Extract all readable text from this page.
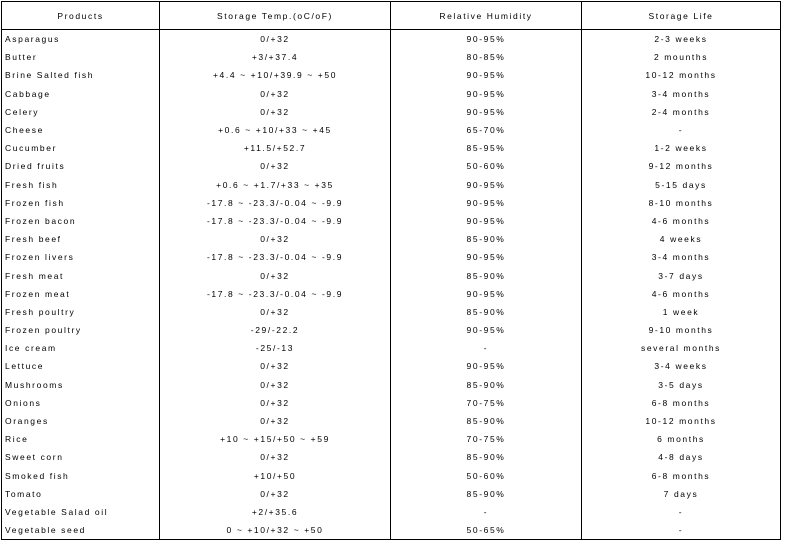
Products	Storage Temp.(oC/oF)	Relative Humidity	Storage Life
Asparagus	0/+32	90-95%	2-3 weeks
Butter	+3/+37.4	80-85%	2 mounths
Brine Salted fish	+4.4 ~ +10/+39.9 ~ +50	90-95%	10-12 months
Cabbage	0/+32	90-95%	3-4 months
Celery	0/+32	90-95%	2-4 months
Cheese	+0.6 ~ +10/+33 ~ +45	65-70%	-
Cucumber	+11.5/+52.7	85-95%	1-2 weeks
Dried fruits	0/+32	50-60%	9-12 months
Fresh fish	+0.6 ~ +1.7/+33 ~ +35	90-95%	5-15 days
Frozen fish	-17.8 ~ -23.3/-0.04 ~ -9.9	90-95%	8-10 months
Frozen bacon	-17.8 ~ -23.3/-0.04 ~ -9.9	90-95%	4-6 months
Fresh beef	0/+32	85-90%	4 weeks
Frozen livers	-17.8 ~ -23.3/-0.04 ~ -9.9	90-95%	3-4 months
Fresh meat	0/+32	85-90%	3-7 days
Frozen meat	-17.8 ~ -23.3/-0.04 ~ -9.9	90-95%	4-6 months
Fresh poultry	0/+32	85-90%	1 week
Frozen poultry	-29/-22.2	90-95%	9-10 months
Ice cream	-25/-13	-	several months
Lettuce	0/+32	90-95%	3-4 weeks
Mushrooms	0/+32	85-90%	3-5 days
Onions	0/+32	70-75%	6-8 months
Oranges	0/+32	85-90%	10-12 months
Rice	+10 ~ +15/+50 ~ +59	70-75%	6 months
Sweet corn	0/+32	85-90%	4-8 days
Smoked fish	+10/+50	50-60%	6-8 months
Tomato	0/+32	85-90%	7 days
Vegetable Salad oil	+2/+35.6	-	-
Vegetable seed	0 ~ +10/+32 ~ +50	50-65%	-
